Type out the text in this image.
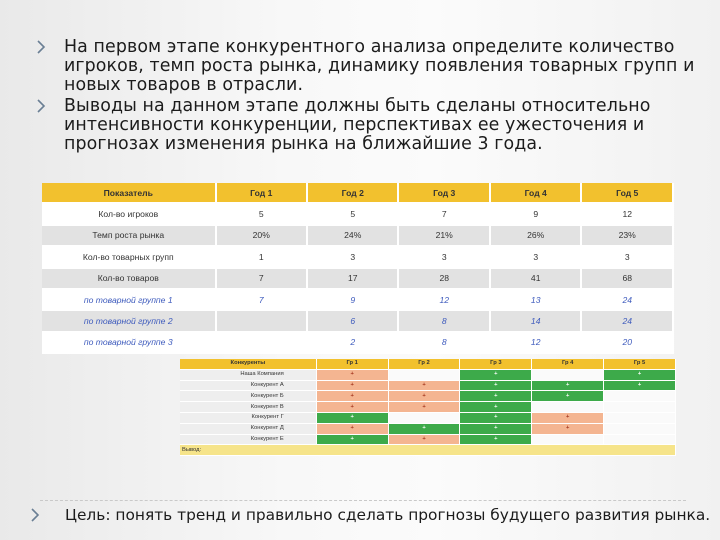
На первом этапе конкурентного анализа определите количество игроков, темп роста рынка, динамику появления товарных групп и новых товаров в отрасли.
Выводы на данном этапе должны быть сделаны относительно интенсивности конкуренции, перспективах ее ужесточения и прогнозах изменения рынка на ближайшие 3 года.
Показатель	Год 1	Год 2	Год 3	Год 4	Год 5
Кол-во игроков	5	5	7	9	12
Темп роста рынка	20%	24%	21%	26%	23%
Кол-во товарных групп	1	3	3	3	3
Кол-во товаров	7	17	28	41	68
по товарной группе 1	7	9	12	13	24
по товарной группе 2		6	8	14	24
по товарной группе 3		2	8	12	20
Конкуренты	Гр 1	Гр 2	Гр 3	Гр 4	Гр 5
Наша Компания	+		+		+
Конкурент А	+	+	+	+	+
Конкурент Б	+	+	+	+	
Конкурент В	+	+	+		
Конкурент Г	+		+	+	
Конкурент Д	+	+	+	+	
Конкурент Е	+	+	+		
Вывод:					
Цель: понять тренд и правильно сделать прогнозы будущего развития рынка.
